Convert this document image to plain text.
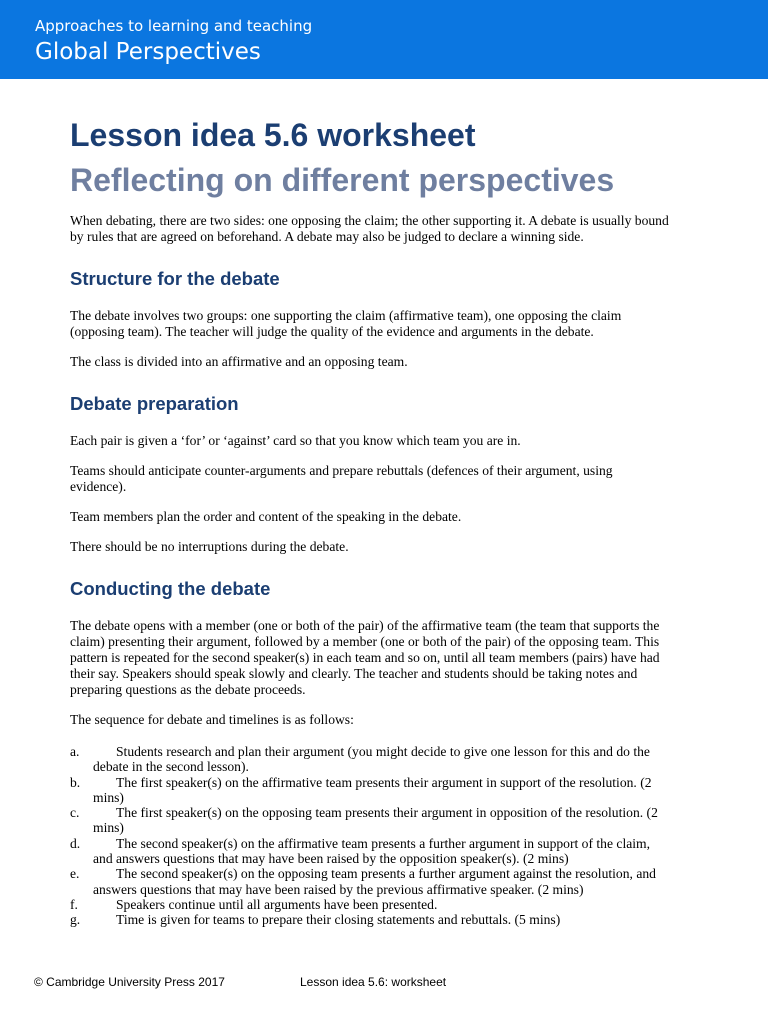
Approaches to learning and teaching
Global Perspectives
Lesson idea 5.6 worksheet
Reflecting on different perspectives

When debating, there are two sides: one opposing the claim; the other supporting it. A debate is usually bound by rules that are agreed on beforehand. A debate may also be judged to declare a winning side.

Structure for the debate

The debate involves two groups: one supporting the claim (affirmative team), one opposing the claim (opposing team). The teacher will judge the quality of the evidence and arguments in the debate.

The class is divided into an affirmative and an opposing team.

Debate preparation

Each pair is given a ‘for’ or ‘against’ card so that you know which team you are in.

Teams should anticipate counter-arguments and prepare rebuttals (defences of their argument, using evidence).

Team members plan the order and content of the speaking in the debate.

There should be no interruptions during the debate.

Conducting the debate

The debate opens with a member (one or both of the pair) of the affirmative team (the team that supports the claim) presenting their argument, followed by a member (one or both of the pair) of the opposing team. This pattern is repeated for the second speaker(s) in each team and so on, until all team members (pairs) have had their say. Speakers should speak slowly and clearly. The teacher and students should be taking notes and preparing questions as the debate proceeds.

The sequence for debate and timelines is as follows:

a.	Students research and plan their argument (you might decide to give one lesson for this and do the debate in the second lesson).
b.	The first speaker(s) on the affirmative team presents their argument in support of the resolution. (2 mins)
c.	The first speaker(s) on the opposing team presents their argument in opposition of the resolution. (2 mins)
d.	The second speaker(s) on the affirmative team presents a further argument in support of the claim, and answers questions that may have been raised by the opposition speaker(s). (2 mins)
e.	The second speaker(s) on the opposing team presents a further argument against the resolution, and answers questions that may have been raised by the previous affirmative speaker. (2 mins)
f.	Speakers continue until all arguments have been presented.
g.	Time is given for teams to prepare their closing statements and rebuttals. (5 mins)
© Cambridge University Press 2017	Lesson idea 5.6: worksheet
